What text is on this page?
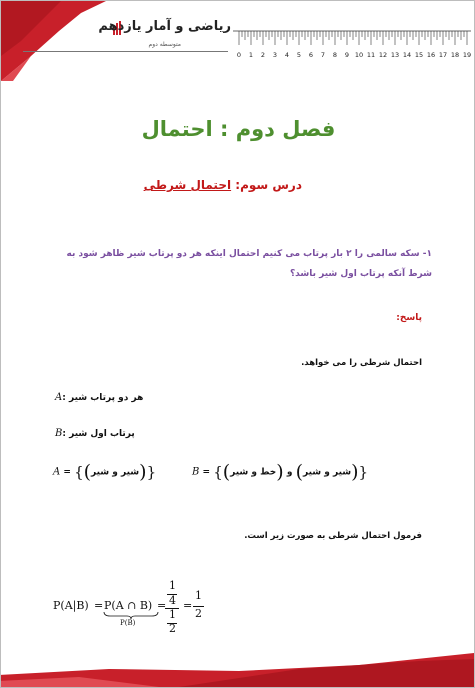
ریاضی و آمار یازدهم
متوسطه دوم
0 1 2 3 4 5 6 7 8 9 10 11 12 13 14 15 16 17 18 19
فصل دوم : احتمال
درس سوم: احتمال شرطی
۱- سکه سالمی را ۲ بار پرتاب می کنیم احتمال اینکه هر دو پرتاب شیر ظاهر شود به شرط آنکه پرتاب اول شیر باشد؟
پاسخ:
احتمال شرطی را می خواهد.
A: هر دو پرتاب شیر
B: پرتاب اول شیر
A = {(شیر و شیر)}	B = {(خط و شیر) و (شیر و شیر)}
فرمول احتمال شرطی به صورت زیر است.
P(A|B) = P(A ∩ B)
P(B)
=
1
4
1
2
=
1
2
